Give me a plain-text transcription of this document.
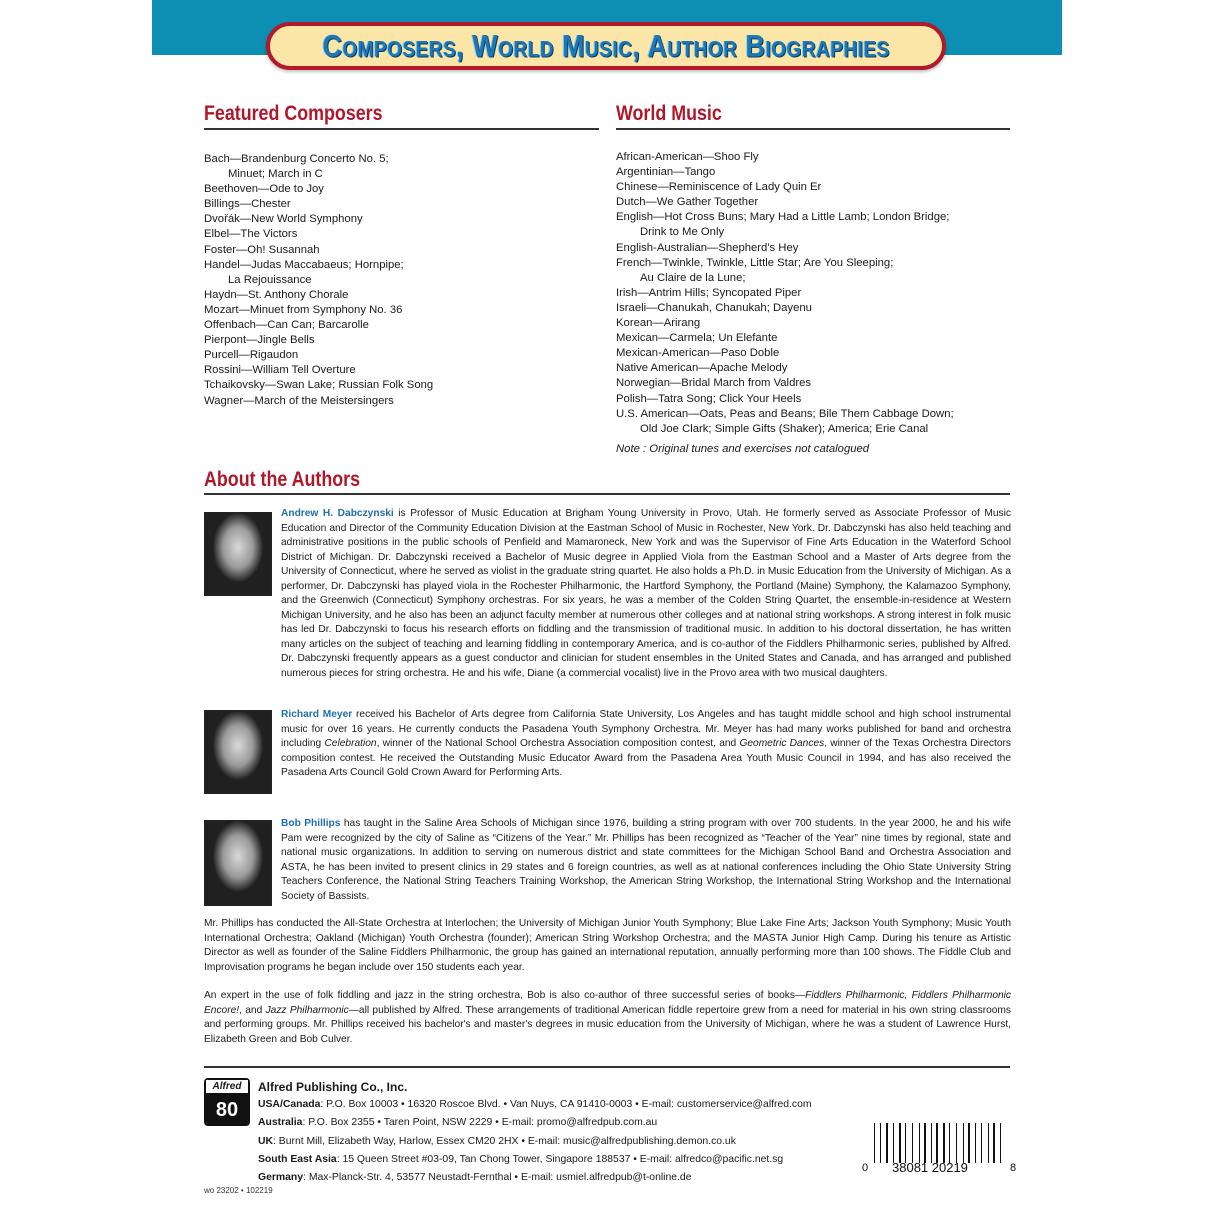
Composers, World Music, Author Biographies
Featured Composers
Bach—Brandenburg Concerto No. 5;
Minuet; March in C
Beethoven—Ode to Joy
Billings—Chester
Dvořák—New World Symphony
Elbel—The Victors
Foster—Oh! Susannah
Handel—Judas Maccabaeus; Hornpipe;
La Rejouissance
Haydn—St. Anthony Chorale
Mozart—Minuet from Symphony No. 36
Offenbach—Can Can; Barcarolle
Pierpont—Jingle Bells
Purcell—Rigaudon
Rossini—William Tell Overture
Tchaikovsky—Swan Lake; Russian Folk Song
Wagner—March of the Meistersingers
World Music
African-American—Shoo Fly
Argentinian—Tango
Chinese—Reminiscence of Lady Quin Er
Dutch—We Gather Together
English—Hot Cross Buns; Mary Had a Little Lamb; London Bridge;
Drink to Me Only
English-Australian—Shepherd's Hey
French—Twinkle, Twinkle, Little Star; Are You Sleeping;
Au Claire de la Lune;
Irish—Antrim Hills; Syncopated Piper
Israeli—Chanukah, Chanukah; Dayenu
Korean—Arirang
Mexican—Carmela; Un Elefante
Mexican-American—Paso Doble
Native American—Apache Melody
Norwegian—Bridal March from Valdres
Polish—Tatra Song; Click Your Heels
U.S. American—Oats, Peas and Beans; Bile Them Cabbage Down;
Old Joe Clark; Simple Gifts (Shaker); America; Erie Canal
Note : Original tunes and exercises not catalogued
About the Authors
Andrew H. Dabczynski is Professor of Music Education at Brigham Young University in Provo, Utah. He formerly served as Associate Professor of Music Education and Director of the Community Education Division at the Eastman School of Music in Rochester, New York. Dr. Dabczynski has also held teaching and administrative positions in the public schools of Penfield and Mamaroneck, New York and was the Supervisor of Fine Arts Education in the Waterford School District of Michigan. Dr. Dabczynski received a Bachelor of Music degree in Applied Viola from the Eastman School and a Master of Arts degree from the University of Connecticut, where he served as violist in the graduate string quartet. He also holds a Ph.D. in Music Education from the University of Michigan. As a performer, Dr. Dabczynski has played viola in the Rochester Philharmonic, the Hartford Symphony, the Portland (Maine) Symphony, the Kalamazoo Symphony, and the Greenwich (Connecticut) Symphony orchestras. For six years, he was a member of the Colden String Quartet, the ensemble-in-residence at Western Michigan University, and he also has been an adjunct faculty member at numerous other colleges and at national string workshops. A strong interest in folk music has led Dr. Dabczynski to focus his research efforts on fiddling and the transmission of traditional music. In addition to his doctoral dissertation, he has written many articles on the subject of teaching and learning fiddling in contemporary America, and is co-author of the Fiddlers Philharmonic series, published by Alfred. Dr. Dabczynski frequently appears as a guest conductor and clinician for student ensembles in the United States and Canada, and has arranged and published numerous pieces for string orchestra. He and his wife, Diane (a commercial vocalist) live in the Provo area with two musical daughters.
Richard Meyer received his Bachelor of Arts degree from California State University, Los Angeles and has taught middle school and high school instrumental music for over 16 years. He currently conducts the Pasadena Youth Symphony Orchestra. Mr. Meyer has had many works published for band and orchestra including Celebration, winner of the National School Orchestra Association composition contest, and Geometric Dances, winner of the Texas Orchestra Directors composition contest. He received the Outstanding Music Educator Award from the Pasadena Area Youth Music Council in 1994, and has also received the Pasadena Arts Council Gold Crown Award for Performing Arts.
Bob Phillips has taught in the Saline Area Schools of Michigan since 1976, building a string program with over 700 students. In the year 2000, he and his wife Pam were recognized by the city of Saline as “Citizens of the Year.” Mr. Phillips has been recognized as “Teacher of the Year” nine times by regional, state and national music organizations. In addition to serving on numerous district and state committees for the Michigan School Band and Orchestra Association and ASTA, he has been invited to present clinics in 29 states and 6 foreign countries, as well as at national conferences including the Ohio State University String Teachers Conference, the National String Teachers Training Workshop, the American String Workshop, the International String Workshop and the International Society of Bassists.
Mr. Phillips has conducted the All-State Orchestra at Interlochen; the University of Michigan Junior Youth Symphony; Blue Lake Fine Arts; Jackson Youth Symphony; Music Youth International Orchestra; Oakland (Michigan) Youth Orchestra (founder); American String Workshop Orchestra; and the MASTA Junior High Camp. During his tenure as Artistic Director as well as founder of the Saline Fiddlers Philharmonic, the group has gained an international reputation, annually performing more than 100 shows. The Fiddle Club and Improvisation programs he began include over 150 students each year.
An expert in the use of folk fiddling and jazz in the string orchestra, Bob is also co-author of three successful series of books—Fiddlers Philharmonic, Fiddlers Philharmonic Encore!, and Jazz Philharmonic—all published by Alfred. These arrangements of traditional American fiddle repertoire grew from a need for material in his own string classrooms and performing groups. Mr. Phillips received his bachelor's and master's degrees in music education from the University of Michigan, where he was a student of Lawrence Hurst, Elizabeth Green and Bob Culver.
Alfred
80
Alfred Publishing Co., Inc.
USA/Canada: P.O. Box 10003 • 16320 Roscoe Blvd. • Van Nuys, CA 91410-0003 • E-mail: customerservice@alfred.com
Australia: P.O. Box 2355 • Taren Point, NSW 2229 • E-mail: promo@alfredpub.com.au
UK: Burnt Mill, Elizabeth Way, Harlow, Essex CM20 2HX • E-mail: music@alfredpublishing.demon.co.uk
South East Asia: 15 Queen Street #03-09, Tan Chong Tower, Singapore 188537 • E-mail: alfredco@pacific.net.sg
Germany: Max-Planck-Str. 4, 53577 Neustadt-Fernthal • E-mail: usmiel.alfredpub@t-online.de
wo 23202 • 102219
0 38081 20219	8
